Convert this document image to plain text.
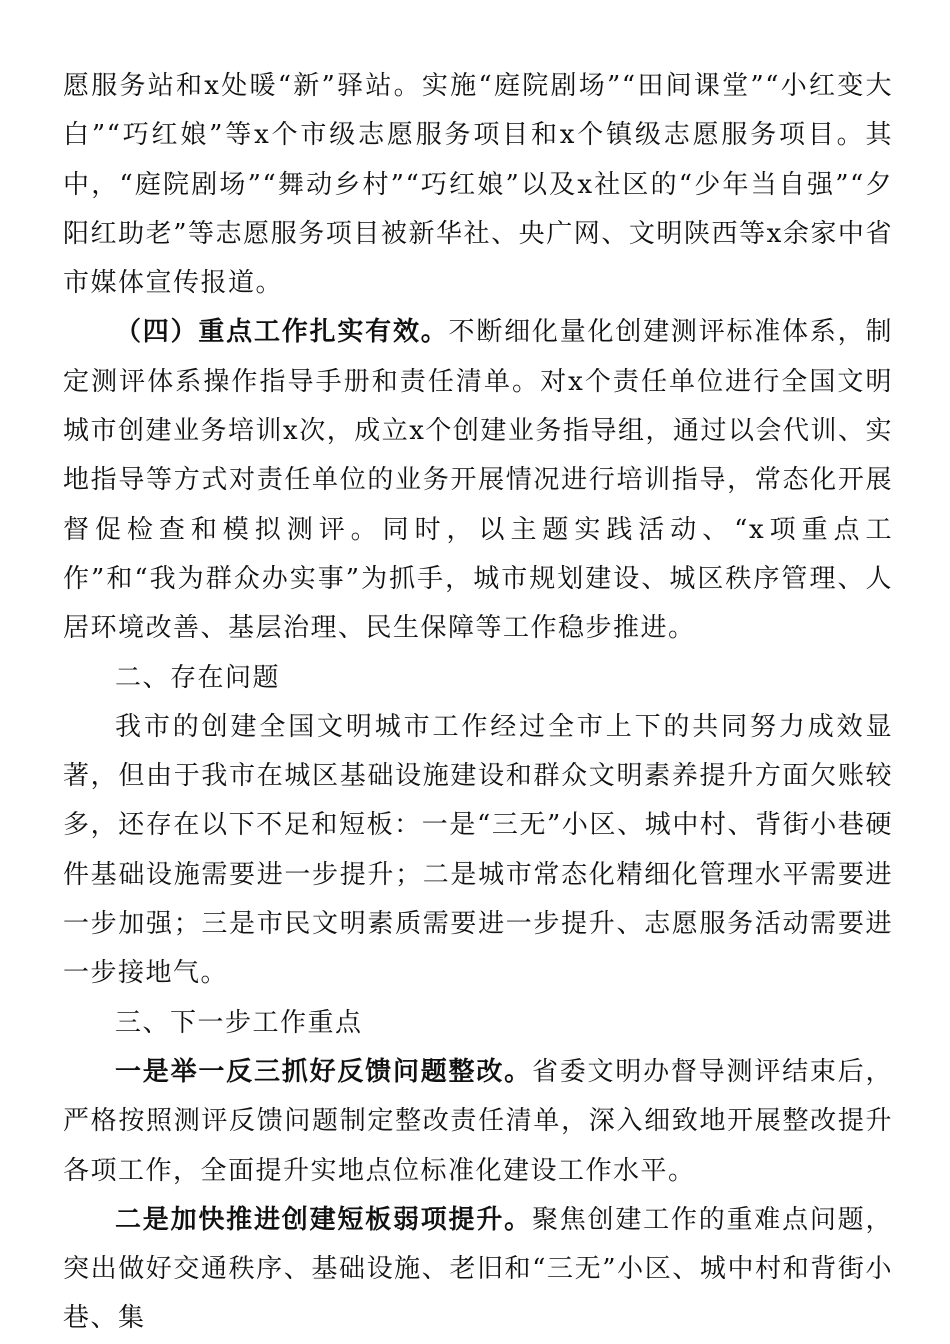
愿服务站和x处暖“新”驿站。实施“庭院剧场”“田间课堂”“小红变大白”“巧红娘”等x个市级志愿服务项目和x个镇级志愿服务项目。其中，“庭院剧场”“舞动乡村”“巧红娘”以及x社区的“少年当自强”“夕阳红助老”等志愿服务项目被新华社、央广网、文明陕西等x余家中省市媒体宣传报道。

（四）重点工作扎实有效。不断细化量化创建测评标准体系，制定测评体系操作指导手册和责任清单。对x个责任单位进行全国文明城市创建业务培训x次，成立x个创建业务指导组，通过以会代训、实地指导等方式对责任单位的业务开展情况进行培训指导，常态化开展督促检查和模拟测评。同时，以主题实践活动、“x项重点工作”和“我为群众办实事”为抓手，城市规划建设、城区秩序管理、人居环境改善、基层治理、民生保障等工作稳步推进。

二、存在问题

我市的创建全国文明城市工作经过全市上下的共同努力成效显著，但由于我市在城区基础设施建设和群众文明素养提升方面欠账较多，还存在以下不足和短板：一是“三无”小区、城中村、背街小巷硬件基础设施需要进一步提升；二是城市常态化精细化管理水平需要进一步加强；三是市民文明素质需要进一步提升、志愿服务活动需要进一步接地气。

三、下一步工作重点

一是举一反三抓好反馈问题整改。省委文明办督导测评结束后，严格按照测评反馈问题制定整改责任清单，深入细致地开展整改提升各项工作，全面提升实地点位标准化建设工作水平。

二是加快推进创建短板弱项提升。聚焦创建工作的重难点问题，突出做好交通秩序、基础设施、老旧和“三无”小区、城中村和背街小巷、集
